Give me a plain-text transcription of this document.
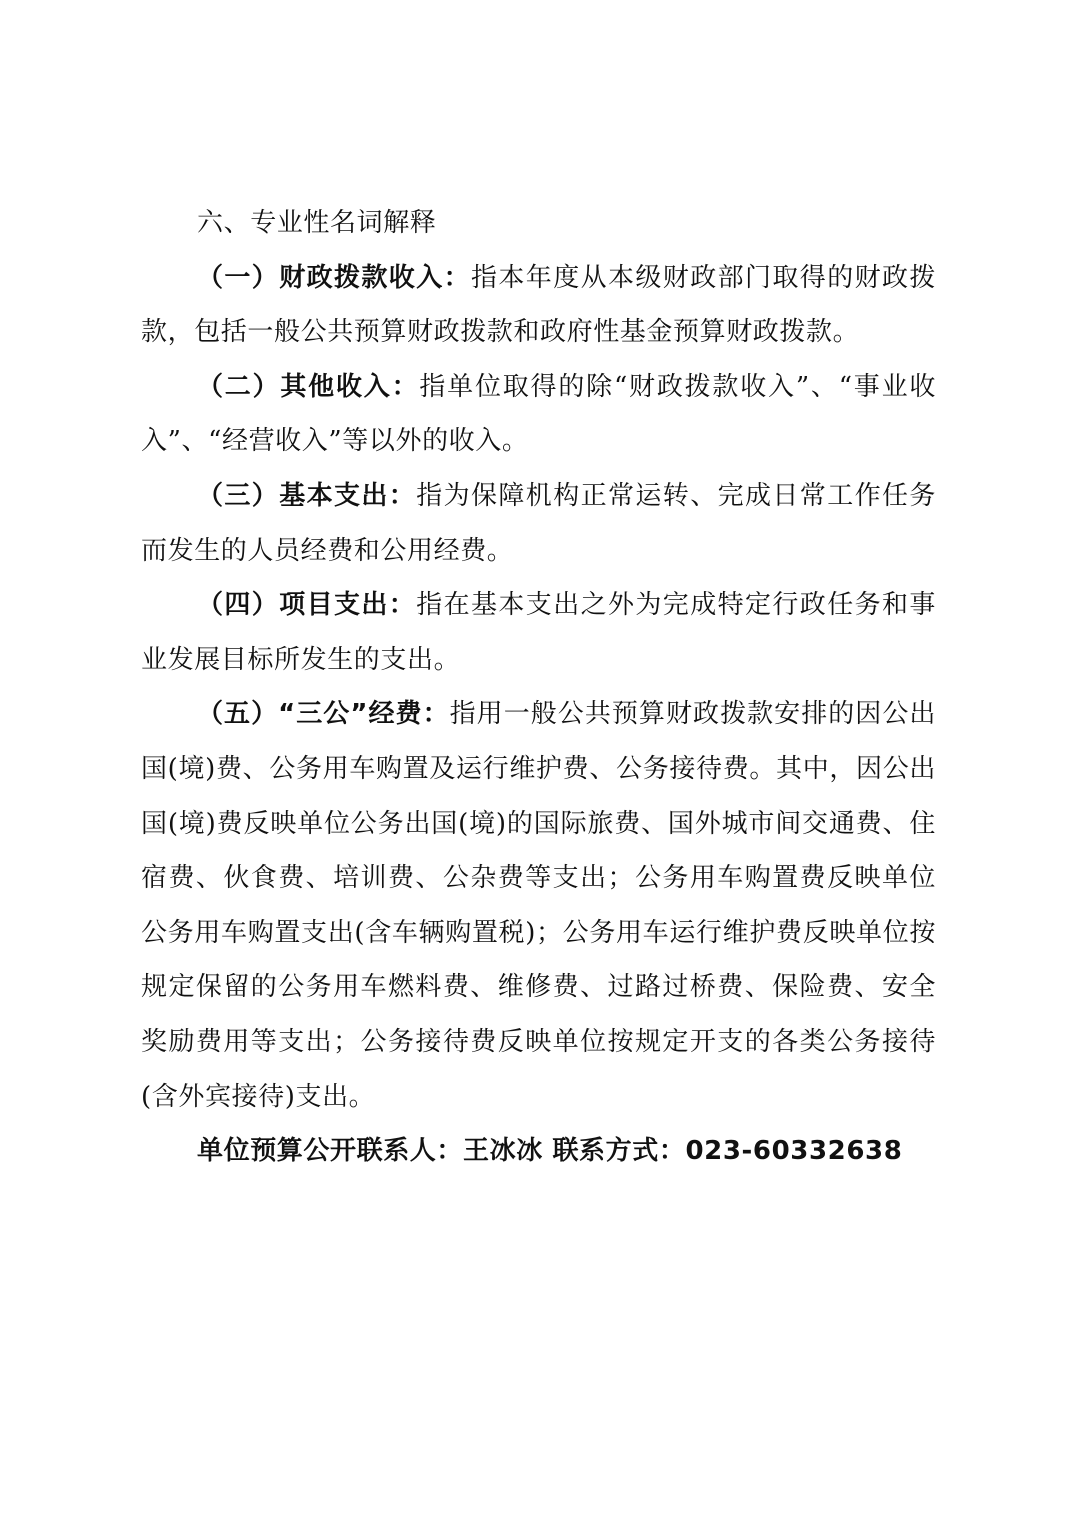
六、专业性名词解释

（一）财政拨款收入：指本年度从本级财政部门取得的财政拨款，包括一般公共预算财政拨款和政府性基金预算财政拨款。

（二）其他收入：指单位取得的除“财政拨款收入”、“事业收入”、“经营收入”等以外的收入。

（三）基本支出：指为保障机构正常运转、完成日常工作任务而发生的人员经费和公用经费。

（四）项目支出：指在基本支出之外为完成特定行政任务和事业发展目标所发生的支出。

（五）“三公”经费：指用一般公共预算财政拨款安排的因公出国(境)费、公务用车购置及运行维护费、公务接待费。其中，因公出国(境)费反映单位公务出国(境)的国际旅费、国外城市间交通费、住宿费、伙食费、培训费、公杂费等支出；公务用车购置费反映单位公务用车购置支出(含车辆购置税)；公务用车运行维护费反映单位按规定保留的公务用车燃料费、维修费、过路过桥费、保险费、安全奖励费用等支出；公务接待费反映单位按规定开支的各类公务接待(含外宾接待)支出。

单位预算公开联系人：王冰冰 联系方式：023-60332638
